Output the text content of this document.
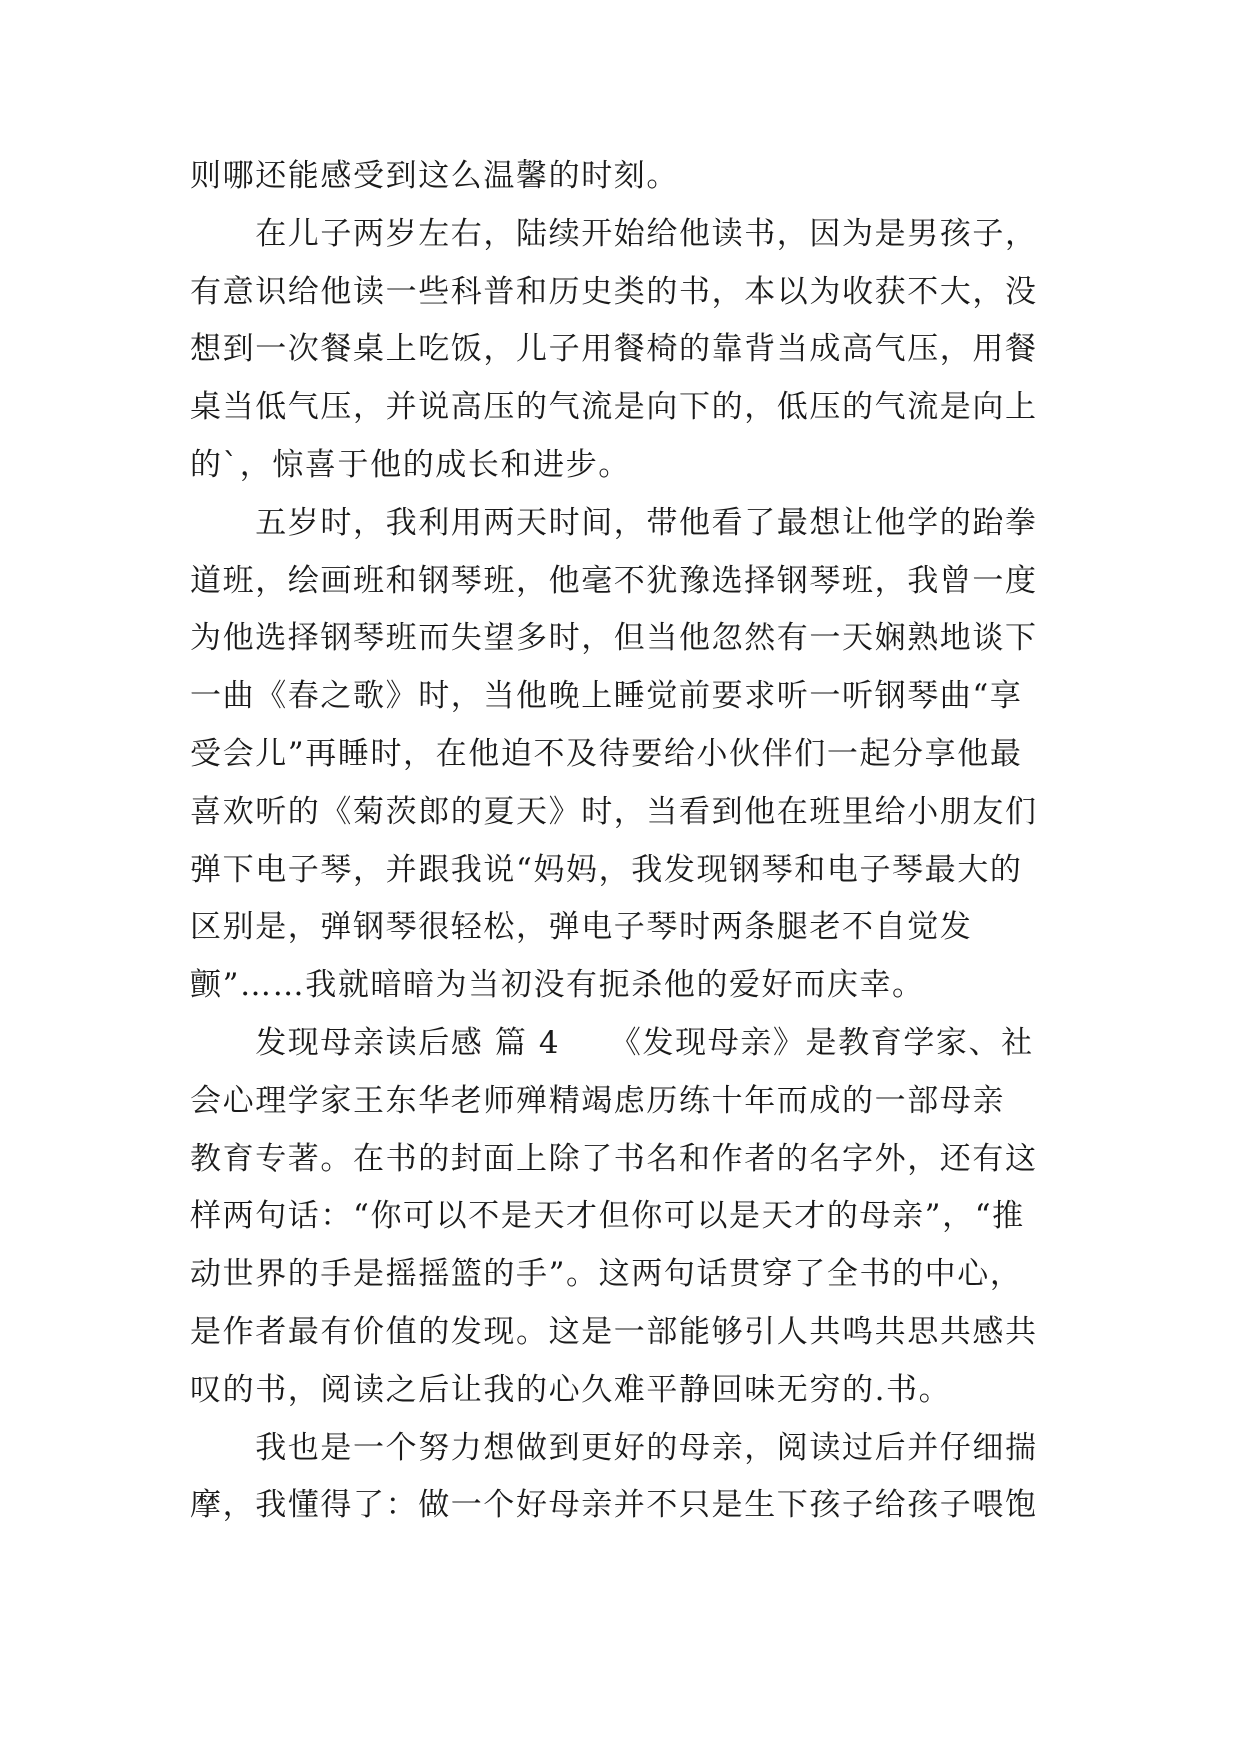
则哪还能感受到这么温馨的时刻。
　　在儿子两岁左右，陆续开始给他读书，因为是男孩子，
有意识给他读一些科普和历史类的书，本以为收获不大，没
想到一次餐桌上吃饭，儿子用餐椅的靠背当成高气压，用餐
桌当低气压，并说高压的气流是向下的，低压的气流是向上
的`，惊喜于他的成长和进步。
　　五岁时，我利用两天时间，带他看了最想让他学的跆拳
道班，绘画班和钢琴班，他毫不犹豫选择钢琴班，我曾一度
为他选择钢琴班而失望多时，但当他忽然有一天娴熟地谈下
一曲《春之歌》时，当他晚上睡觉前要求听一听钢琴曲“享
受会儿”再睡时，在他迫不及待要给小伙伴们一起分享他最
喜欢听的《菊茨郎的夏天》时，当看到他在班里给小朋友们
弹下电子琴，并跟我说“妈妈，我发现钢琴和电子琴最大的
区别是，弹钢琴很轻松，弹电子琴时两条腿老不自觉发
颤”……我就暗暗为当初没有扼杀他的爱好而庆幸。
　　发现母亲读后感 篇 4　　《发现母亲》是教育学家、社
会心理学家王东华老师殚精竭虑历练十年而成的一部母亲
教育专著。在书的封面上除了书名和作者的名字外，还有这
样两句话：“你可以不是天才但你可以是天才的母亲”，“推
动世界的手是摇摇篮的手”。这两句话贯穿了全书的中心，
是作者最有价值的发现。这是一部能够引人共鸣共思共感共
叹的书，阅读之后让我的心久难平静回味无穷的.书。
　　我也是一个努力想做到更好的母亲，阅读过后并仔细揣
摩，我懂得了：做一个好母亲并不只是生下孩子给孩子喂饱
